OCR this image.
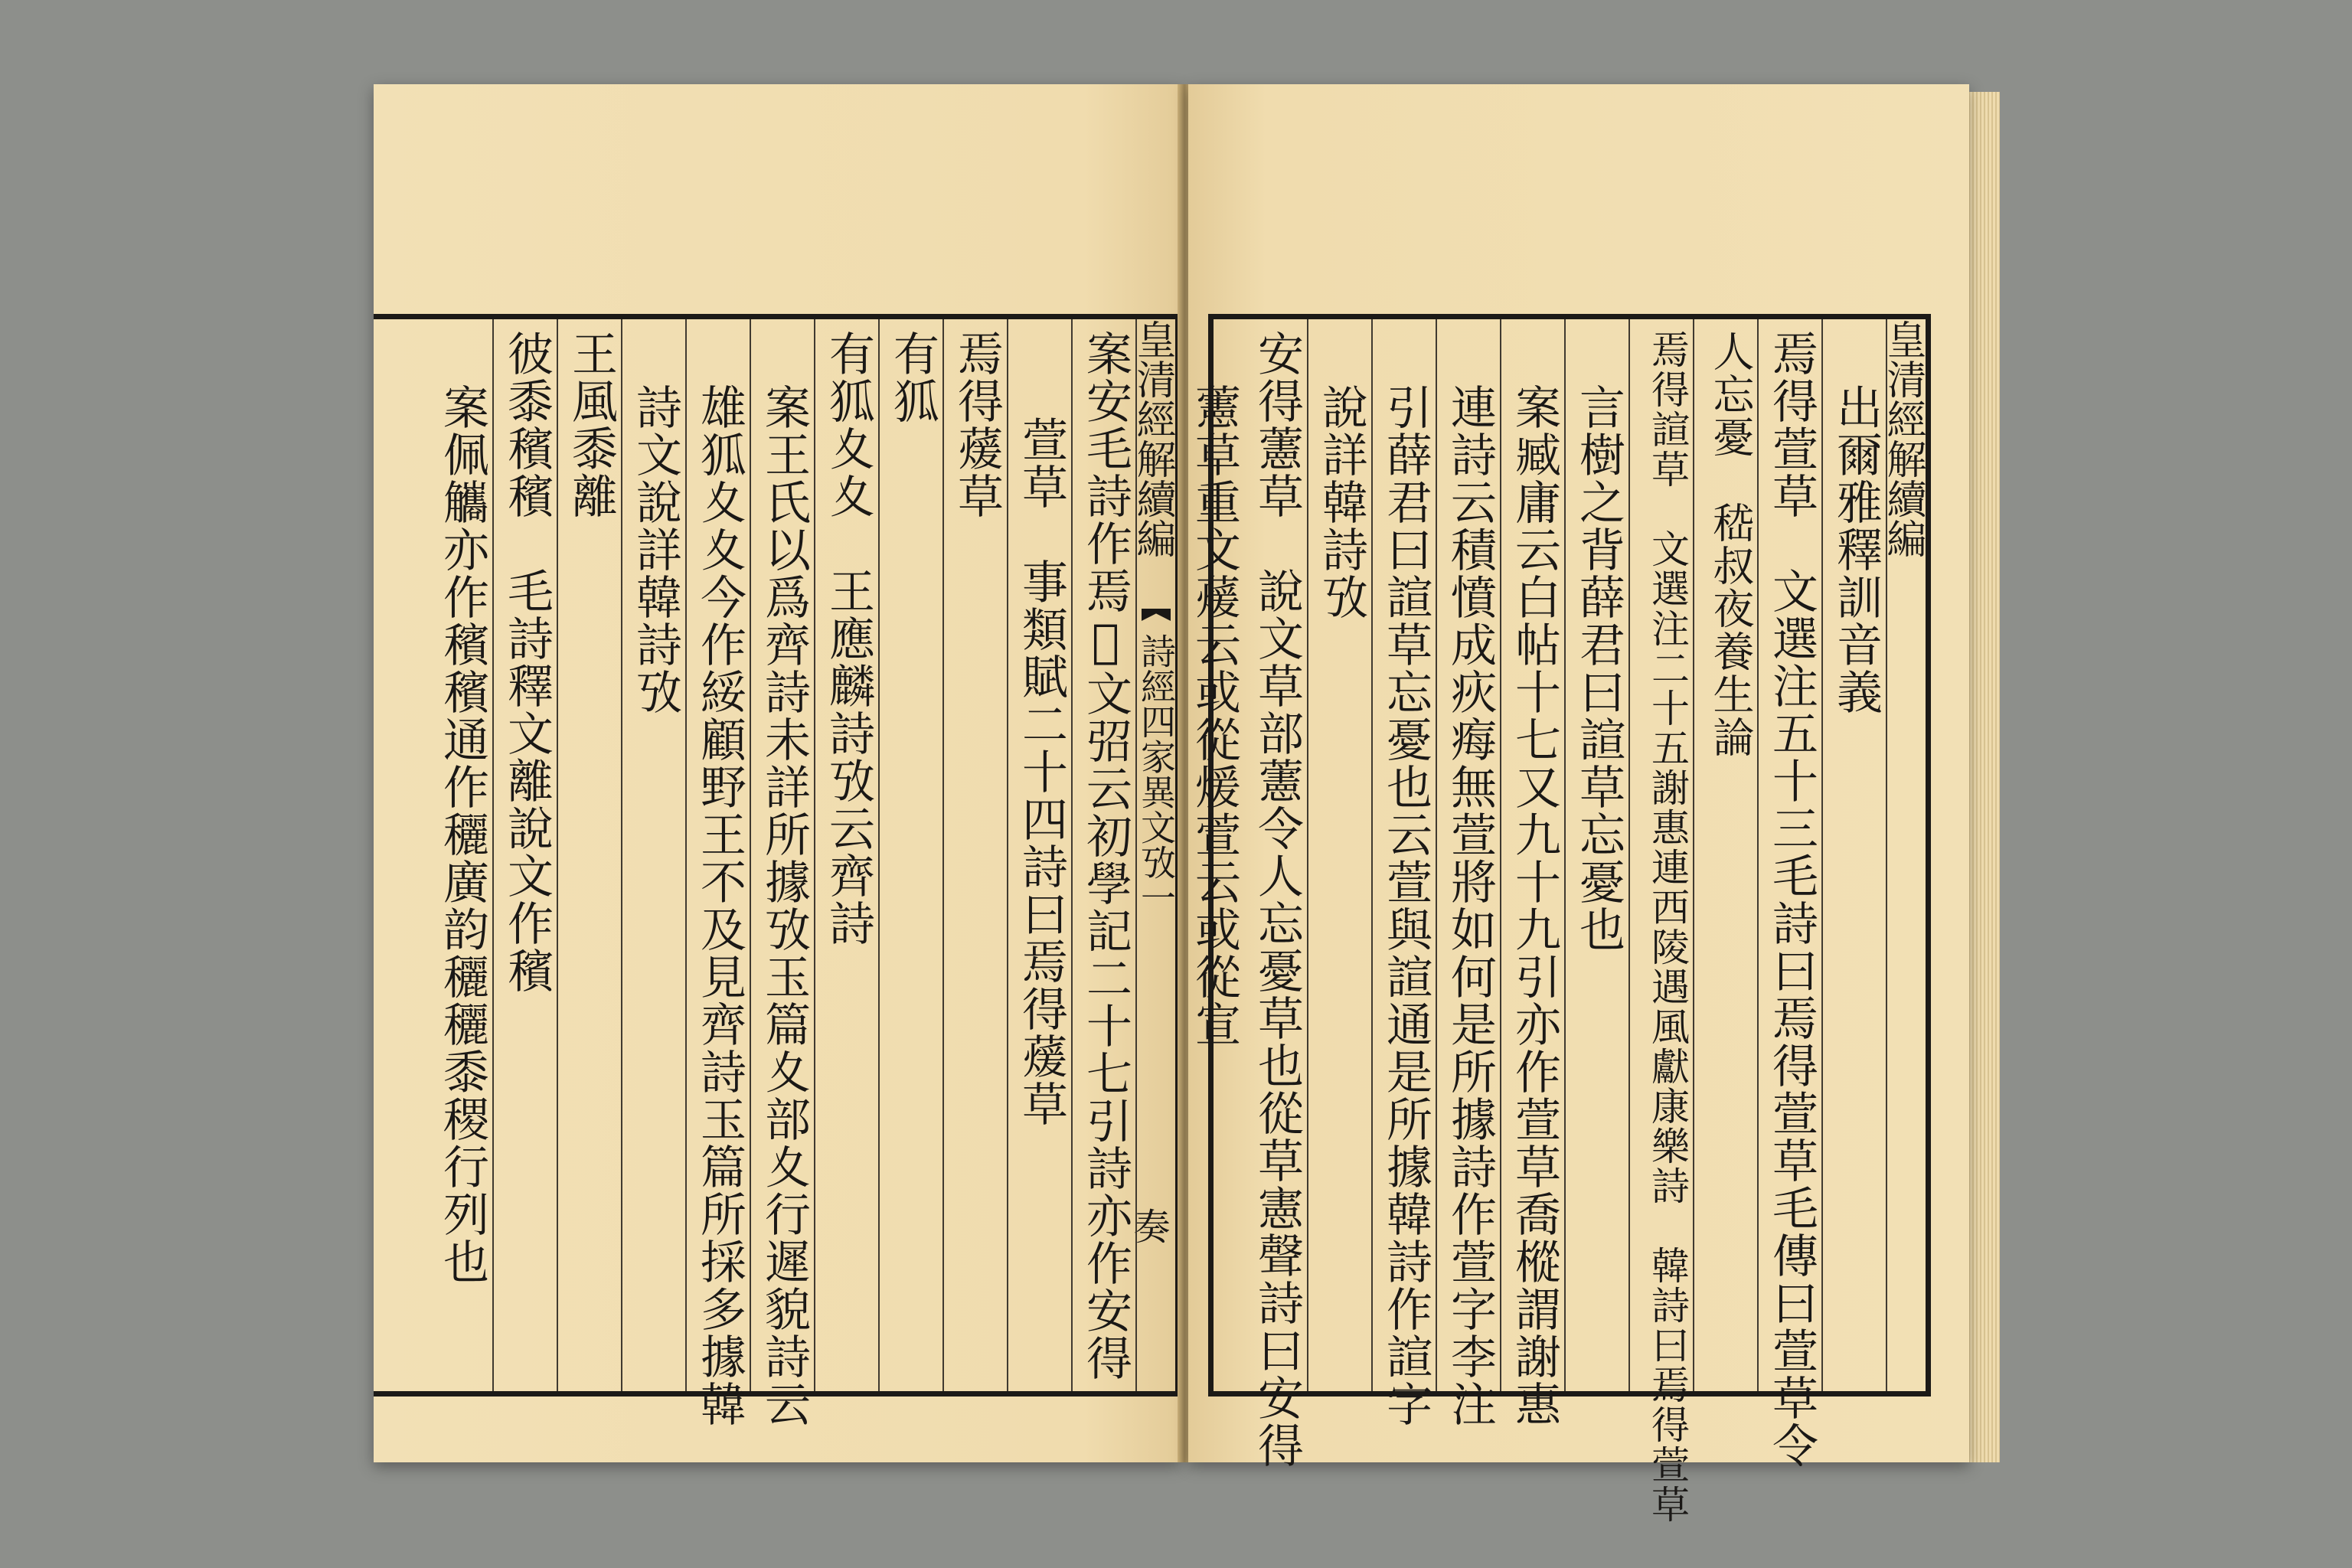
皇清經解續編
詩經四家異文攷一
奏
案安毛詩作焉𧆛文弨云初學記二十七引詩亦作安得
萱草　事類賦二十四詩曰焉得蕿草
焉得蕿草
有狐
有狐夊夊　王應麟詩攷云齊詩
案王氏以爲齊詩未詳所據攷玉篇夊部夊行遲貌詩云
雄狐夊夊今作綏顧野王不及見齊詩玉篇所採多據韓
詩文說詳韓詩攷
王風黍離
彼黍穦穦　毛詩釋文離說文作穦
案佩觿亦作穦穦通作穲廣韵穲穲黍稷行列也	皇清經解續編
出爾雅釋訓音義
焉得萱草　文選注五十三毛詩曰焉得萱草毛傳曰萱草令
人忘憂　嵇叔夜養生論
焉得諠草　文選注二十五謝惠連西陵遇風獻康樂詩　韓詩曰焉得萱草
言樹之背薛君曰諠草忘憂也
案臧庸云白帖十七又九十九引亦作萱草喬樅謂謝惠
連詩云積憤成疢痗無萱將如何是所據詩作萱字李注
引薛君曰諠草忘憂也云萱與諠通是所據韓詩作諠字
說詳韓詩攷
安得藼草　說文草部藼令人忘憂草也從草憲聲詩曰安得
藼草重文蕿云或從煖萱云或從宣
